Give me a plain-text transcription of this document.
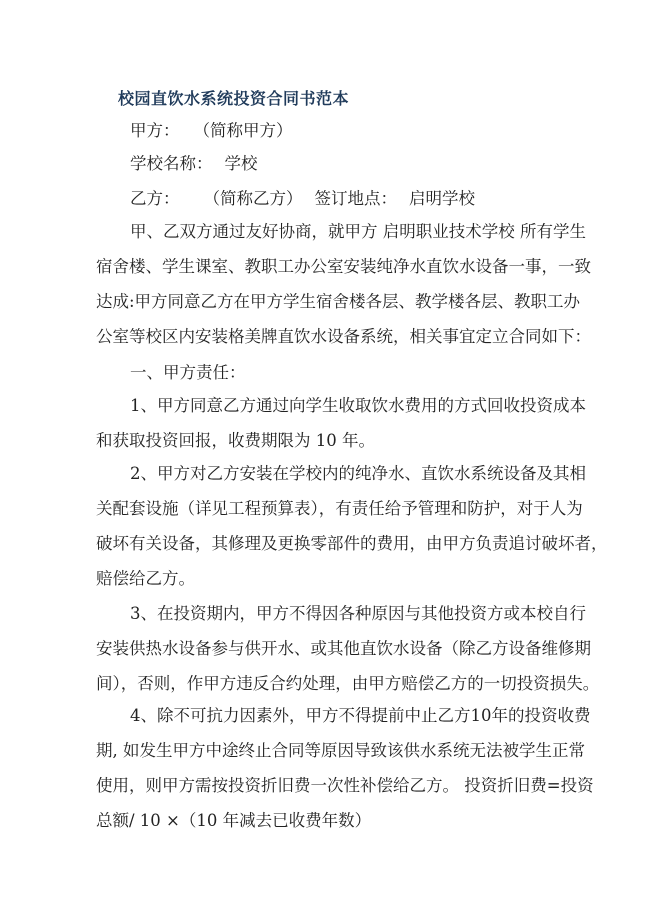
校园直饮水系统投资合同书范本
甲方： （简称甲方）
学校名称： 学校
乙方： （简称乙方） 签订地点： 启明学校
甲、乙双方通过友好协商，就甲方 启明职业技术学校 所有学生
宿舍楼、学生课室、教职工办公室安装纯净水直饮水设备一事，一致
达成:甲方同意乙方在甲方学生宿舍楼各层、教学楼各层、教职工办
公室等校区内安装格美牌直饮水设备系统，相关事宜定立合同如下：
一、甲方责任：
1、甲方同意乙方通过向学生收取饮水费用的方式回收投资成本
和获取投资回报，收费期限为 10 年。
2、甲方对乙方安装在学校内的纯净水、直饮水系统设备及其相
关配套设施（详见工程预算表），有责任给予管理和防护，对于人为
破坏有关设备，其修理及更换零部件的费用，由甲方负责追讨破坏者，
赔偿给乙方。
3、在投资期内，甲方不得因各种原因与其他投资方或本校自行
安装供热水设备参与供开水、或其他直饮水设备（除乙方设备维修期
间），否则，作甲方违反合约处理，由甲方赔偿乙方的一切投资损失。
4、除不可抗力因素外，甲方不得提前中止乙方10年的投资收费
期, 如发生甲方中途终止合同等原因导致该供水系统无法被学生正常
使用，则甲方需按投资折旧费一次性补偿给乙方。 投资折旧费=投资
总额/ 10 ×（10 年减去已收费年数）
